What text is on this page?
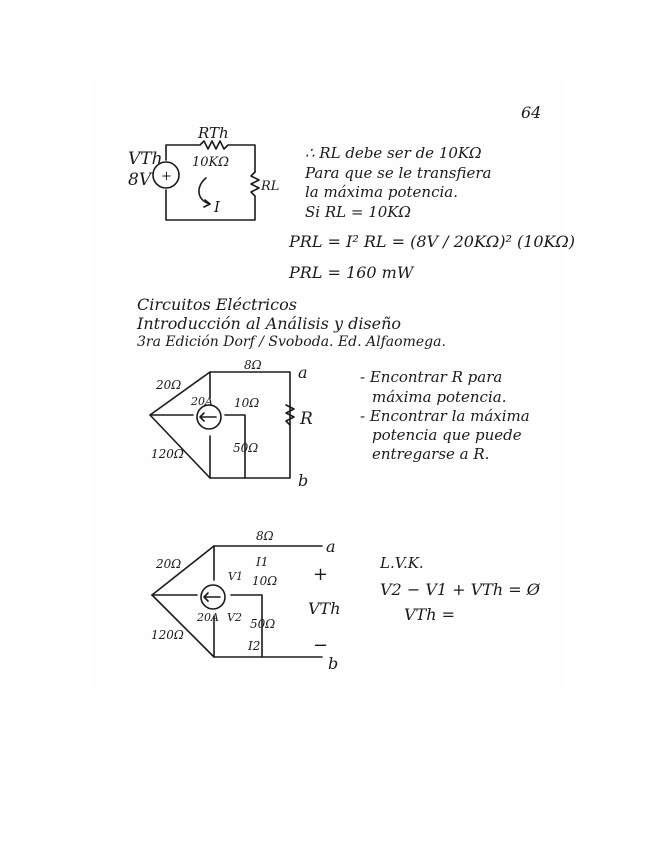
RTh
VTh
8V +
10KΩ
RL
I
8Ω
20Ω
10Ω
50Ω
120Ω
20A
a
b
R
8Ω
20Ω
10Ω
50Ω
120Ω
20A
I1
I2
V1
V2
a
b
+
−
VTh
64
∴ RL debe ser de 10KΩ
Para que se le transfiera
la máxima potencia.
Si RL = 10KΩ
PRL = I² RL = (8V / 20KΩ)² (10KΩ)
PRL = 160 mW
Circuitos Eléctricos
Introducción al Análisis y diseño
3ra Edición Dorf / Svoboda. Ed. Alfaomega.
- Encontrar R para
máxima potencia.
- Encontrar la máxima
potencia que puede
entregarse a R.
L.V.K.
V2 − V1 + VTh = Ø
VTh =
